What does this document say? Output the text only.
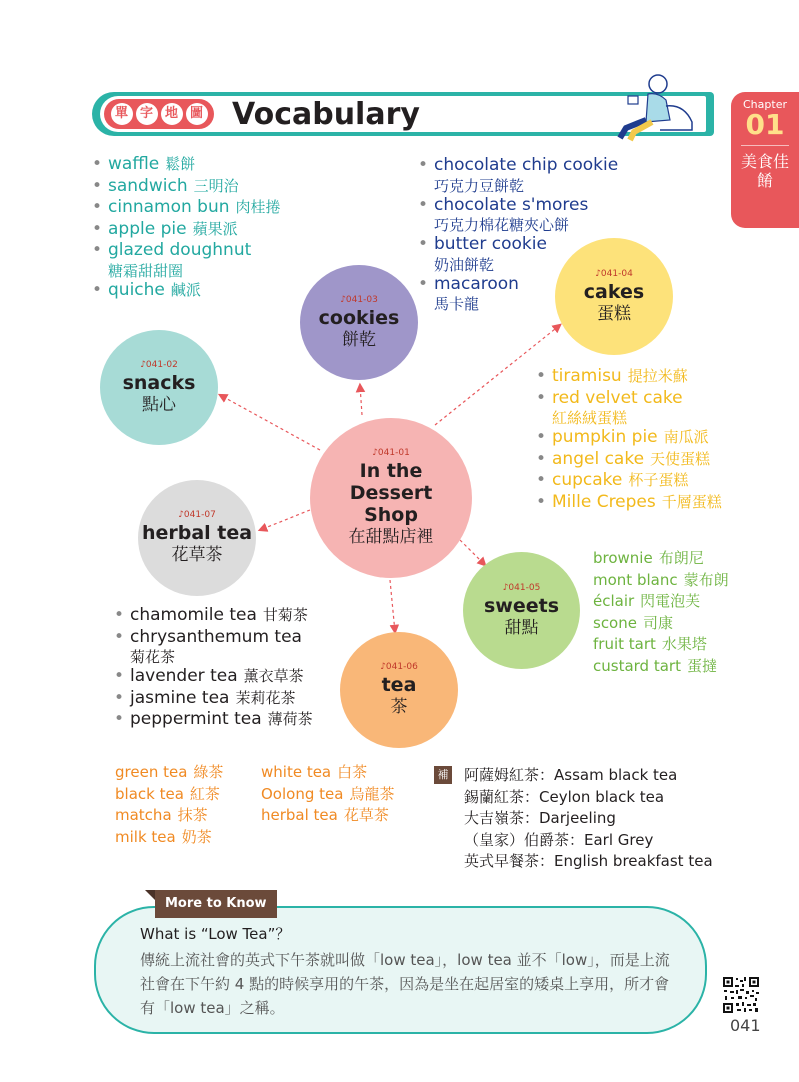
單 字 地 圖 Vocabulary	Chapter
01
美食佳餚
• waffle 鬆餅
• sandwich 三明治
• cinnamon bun 肉桂捲
• apple pie 蘋果派
• glazed doughnut
糖霜甜甜圈
• quiche 鹹派
• chocolate chip cookie
巧克力豆餅乾
• chocolate s'mores
巧克力棉花糖夾心餅
• butter cookie
奶油餅乾
• macaroon
馬卡龍
• tiramisu 提拉米蘇
• red velvet cake
紅絲絨蛋糕
• pumpkin pie 南瓜派
• angel cake 天使蛋糕
• cupcake 杯子蛋糕
• Mille Crepes 千層蛋糕
brownie 布朗尼
mont blanc 蒙布朗
éclair 閃電泡芙
scone 司康
fruit tart 水果塔
custard tart 蛋撻
• chamomile tea 甘菊茶
• chrysanthemum tea
菊花茶
• lavender tea 薰衣草茶
• jasmine tea 茉莉花茶
• peppermint tea 薄荷茶
green tea 綠茶
black tea 紅茶
matcha 抹茶
milk tea 奶茶
white tea 白茶
Oolong tea 烏龍茶
herbal tea 花草茶
♪041-03
cookies
餅乾
♪041-04
cakes
蛋糕
♪041-02
snacks
點心
♪041-01
In the Dessert Shop
在甜點店裡
♪041-07
herbal tea
花草茶
♪041-05
sweets
甜點
♪041-06
tea
茶
補 阿薩姆紅茶：Assam black tea
錫蘭紅茶：Ceylon black tea
大吉嶺茶：Darjeeling
（皇家）伯爵茶：Earl Grey
英式早餐茶：English breakfast tea
More to Know
What is “Low Tea”？
傳統上流社會的英式下午茶就叫做「low tea」，low tea 並不「low」，而是上流社會在下午約 4 點的時候享用的午茶，因為是坐在起居室的矮桌上享用，所才會有「low tea」之稱。
041
